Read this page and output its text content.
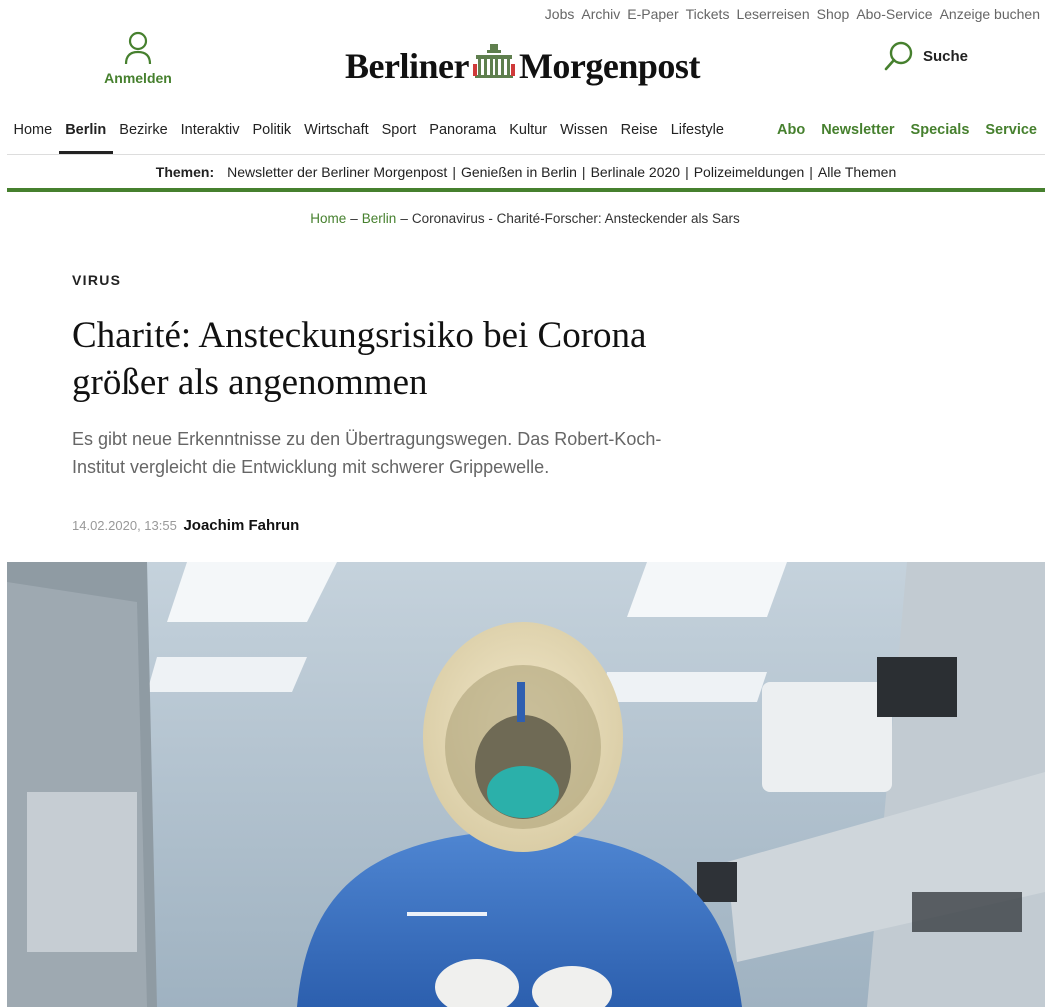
Jobs Archiv E-Paper Tickets Leserreisen Shop Abo-Service Anzeige buchen
Anmelden	Berliner Morgenpost	Suche
Home Berlin Bezirke Interaktiv Politik Wirtschaft Sport Panorama Kultur Wissen Reise Lifestyle	Abo	Newsletter	Specials	Service
Themen: Newsletter der Berliner Morgenpost | Genießen in Berlin | Berlinale 2020 | Polizeimeldungen | Alle Themen
Home – Berlin – Coronavirus - Charité-Forscher: Ansteckender als Sars
VIRUS
Charité: Ansteckungsrisiko bei Corona größer als angenommen

Es gibt neue Erkenntnisse zu den Übertragungswegen. Das Robert-Koch-Institut vergleicht die Entwicklung mit schwerer Grippewelle.

14.02.2020, 13:55 Joachim Fahrun
